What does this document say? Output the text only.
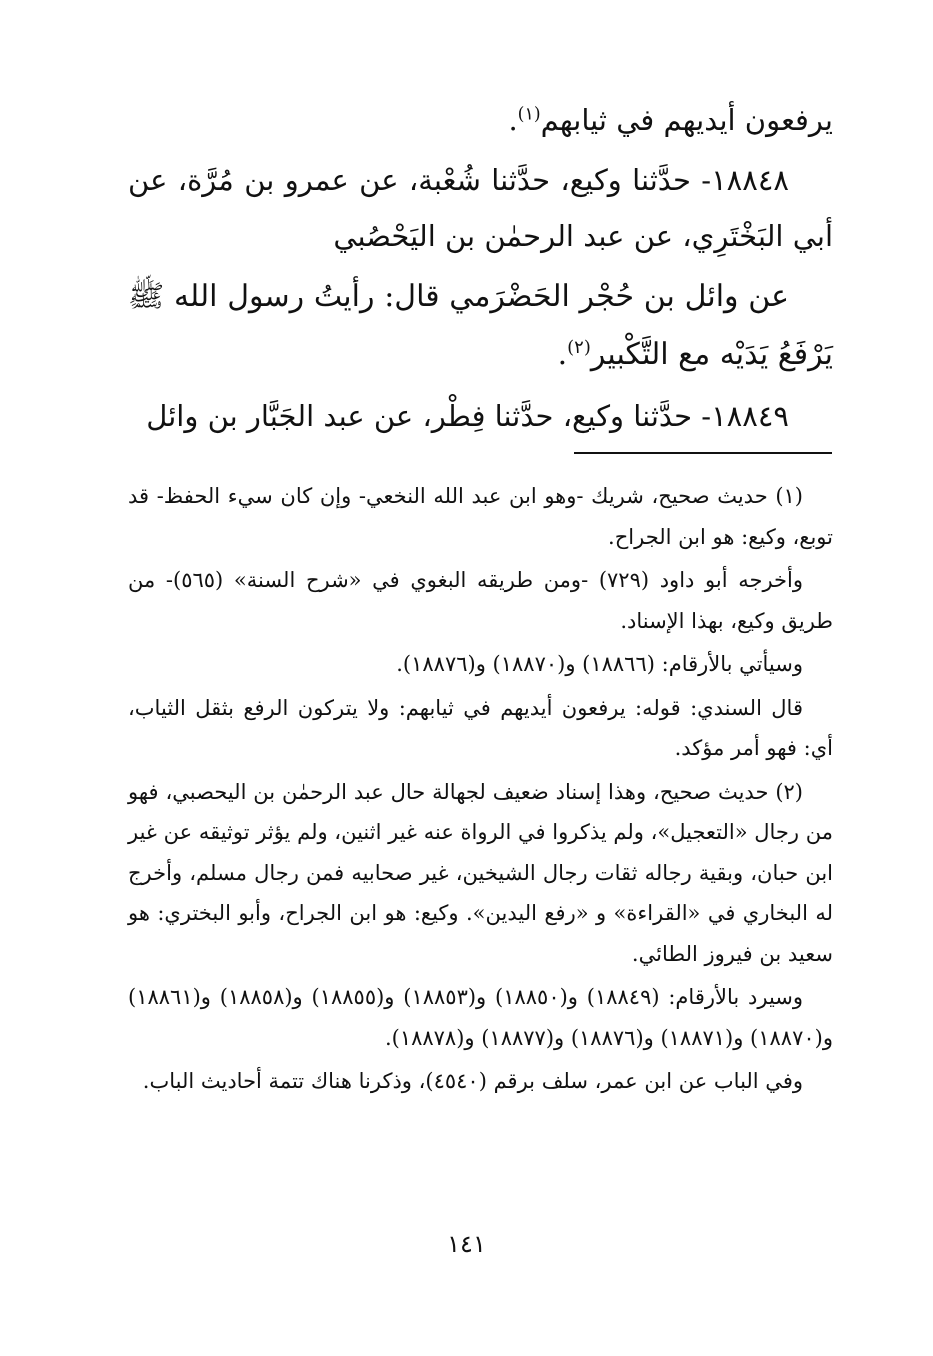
يرفعون أيديهم في ثيابهم$^{(١)}$.

١٨٨٤٨- حدَّثنا وكيع، حدَّثنا شُعْبة، عن عمرو بن مُرَّة، عن أبي البَخْتَرِي، عن عبد الرحمٰن بن اليَحْصُبي

عن وائل بن حُجْر الحَضْرَمي قال: رأيتُ رسول الله ﷺ يَرْفَعُ يَدَيْه مع التَّكْبير$^{(٢)}$.

١٨٨٤٩- حدَّثنا وكيع، حدَّثنا فِطْر، عن عبد الجَبَّار بن وائل

(١) حديث صحيح، شريك -وهو ابن عبد الله النخعي- وإن كان سيء الحفظ- قد توبع، وكيع: هو ابن الجراح.

وأخرجه أبو داود (٧٢٩) -ومن طريقه البغوي في «شرح السنة» (٥٦٥)- من طريق وكيع، بهذا الإسناد.

وسيأتي بالأرقام: (١٨٨٦٦) و(١٨٨٧٠) و(١٨٨٧٦).

قال السندي: قوله: يرفعون أيديهم في ثيابهم: ولا يتركون الرفع بثقل الثياب، أي: فهو أمر مؤكد.

(٢) حديث صحيح، وهذا إسناد ضعيف لجهالة حال عبد الرحمٰن بن اليحصبي، فهو من رجال «التعجيل»، ولم يذكروا في الرواة عنه غير اثنين، ولم يؤثر توثيقه عن غير ابن حبان، وبقية رجاله ثقات رجال الشيخين، غير صحابيه فمن رجال مسلم، وأخرج له البخاري في «القراءة» و «رفع اليدين». وكيع: هو ابن الجراح، وأبو البختري: هو سعيد بن فيروز الطائي.

وسيرد بالأرقام: (١٨٨٤٩) و(١٨٨٥٠) و(١٨٨٥٣) و(١٨٨٥٥) و(١٨٨٥٨) و(١٨٨٦١) و(١٨٨٧٠) و(١٨٨٧١) و(١٨٨٧٦) و(١٨٨٧٧) و(١٨٨٧٨).

وفي الباب عن ابن عمر، سلف برقم (٤٥٤٠)، وذكرنا هناك تتمة أحاديث الباب.

١٤١
